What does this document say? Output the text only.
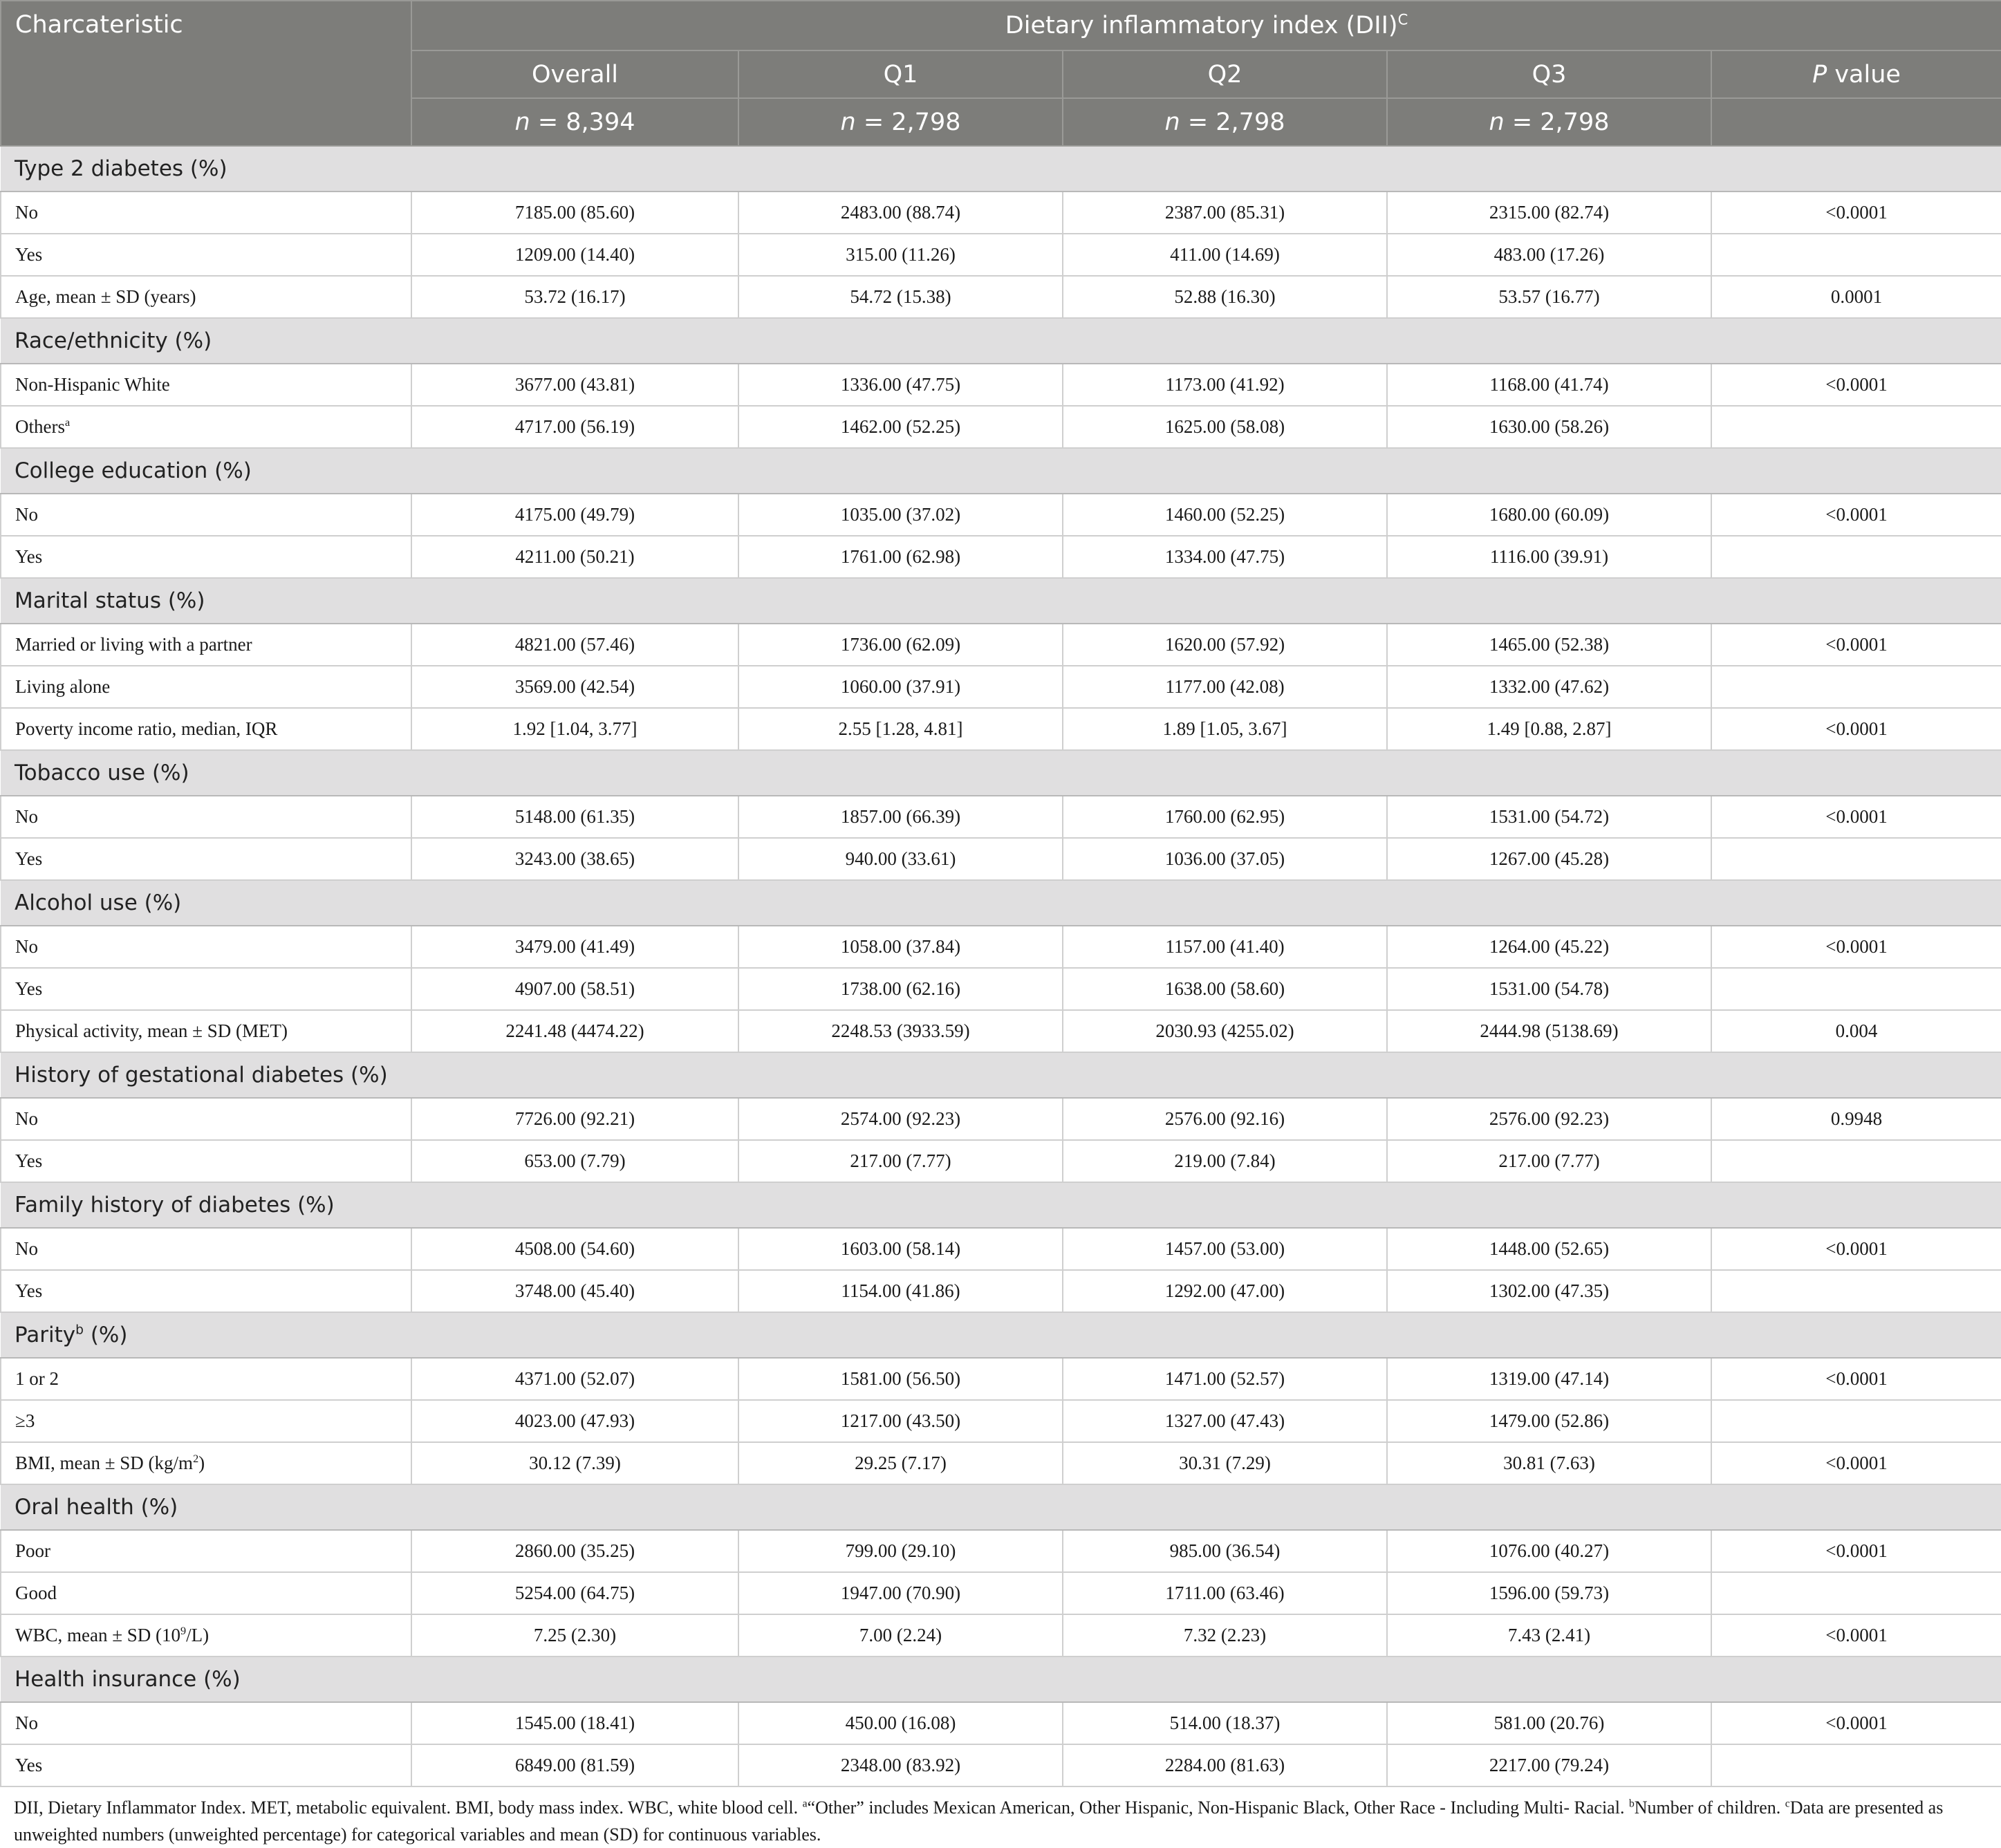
Charcateristic	Dietary inflammatory index (DII)$^C$
	Overall	Q1	Q2	Q3	P value
	n = 8,394	n = 2,798	n = 2,798	n = 2,798	
Type 2 diabetes (%)					
No	7185.00 (85.60)	2483.00 (88.74)	2387.00 (85.31)	2315.00 (82.74)	<0.0001
Yes	1209.00 (14.40)	315.00 (11.26)	411.00 (14.69)	483.00 (17.26)	
Age, mean ± SD (years)	53.72 (16.17)	54.72 (15.38)	52.88 (16.30)	53.57 (16.77)	0.0001
Race/ethnicity (%)					
Non-Hispanic White	3677.00 (43.81)	1336.00 (47.75)	1173.00 (41.92)	1168.00 (41.74)	<0.0001
Others$^a$	4717.00 (56.19)	1462.00 (52.25)	1625.00 (58.08)	1630.00 (58.26)	
College education (%)					
No	4175.00 (49.79)	1035.00 (37.02)	1460.00 (52.25)	1680.00 (60.09)	<0.0001
Yes	4211.00 (50.21)	1761.00 (62.98)	1334.00 (47.75)	1116.00 (39.91)	
Marital status (%)					
Married or living with a partner	4821.00 (57.46)	1736.00 (62.09)	1620.00 (57.92)	1465.00 (52.38)	<0.0001
Living alone	3569.00 (42.54)	1060.00 (37.91)	1177.00 (42.08)	1332.00 (47.62)	
Poverty income ratio, median, IQR	1.92 [1.04, 3.77]	2.55 [1.28, 4.81]	1.89 [1.05, 3.67]	1.49 [0.88, 2.87]	<0.0001
Tobacco use (%)					
No	5148.00 (61.35)	1857.00 (66.39)	1760.00 (62.95)	1531.00 (54.72)	<0.0001
Yes	3243.00 (38.65)	940.00 (33.61)	1036.00 (37.05)	1267.00 (45.28)	
Alcohol use (%)					
No	3479.00 (41.49)	1058.00 (37.84)	1157.00 (41.40)	1264.00 (45.22)	<0.0001
Yes	4907.00 (58.51)	1738.00 (62.16)	1638.00 (58.60)	1531.00 (54.78)	
Physical activity, mean ± SD (MET)	2241.48 (4474.22)	2248.53 (3933.59)	2030.93 (4255.02)	2444.98 (5138.69)	0.004
History of gestational diabetes (%)					
No	7726.00 (92.21)	2574.00 (92.23)	2576.00 (92.16)	2576.00 (92.23)	0.9948
Yes	653.00 (7.79)	217.00 (7.77)	219.00 (7.84)	217.00 (7.77)	
Family history of diabetes (%)					
No	4508.00 (54.60)	1603.00 (58.14)	1457.00 (53.00)	1448.00 (52.65)	<0.0001
Yes	3748.00 (45.40)	1154.00 (41.86)	1292.00 (47.00)	1302.00 (47.35)	
Parity$^b$ (%)					
1 or 2	4371.00 (52.07)	1581.00 (56.50)	1471.00 (52.57)	1319.00 (47.14)	<0.0001
≥3	4023.00 (47.93)	1217.00 (43.50)	1327.00 (47.43)	1479.00 (52.86)	
BMI, mean ± SD $(kg/m^2)$	30.12 (7.39)	29.25 (7.17)	30.31 (7.29)	30.81 (7.63)	<0.0001
Oral health (%)					
Poor	2860.00 (35.25)	799.00 (29.10)	985.00 (36.54)	1076.00 (40.27)	<0.0001
Good	5254.00 (64.75)	1947.00 (70.90)	1711.00 (63.46)	1596.00 (59.73)	
WBC, mean ± SD $(10^9/L)$	7.25 (2.30)	7.00 (2.24)	7.32 (2.23)	7.43 (2.41)	<0.0001
Health insurance (%)					
No	1545.00 (18.41)	450.00 (16.08)	514.00 (18.37)	581.00 (20.76)	<0.0001
Yes	6849.00 (81.59)	2348.00 (83.92)	2284.00 (81.63)	2217.00 (79.24)	
DII, Dietary Inflammator Index. MET, metabolic equivalent. BMI, body mass index. WBC, white blood cell. $^a$“Other” includes Mexican American, Other Hispanic, Non-Hispanic Black, Other Race - Including Multi- Racial. $^b$Number of children. $^c$Data are presented as unweighted numbers (unweighted percentage) for categorical variables and mean (SD) for continuous variables.
